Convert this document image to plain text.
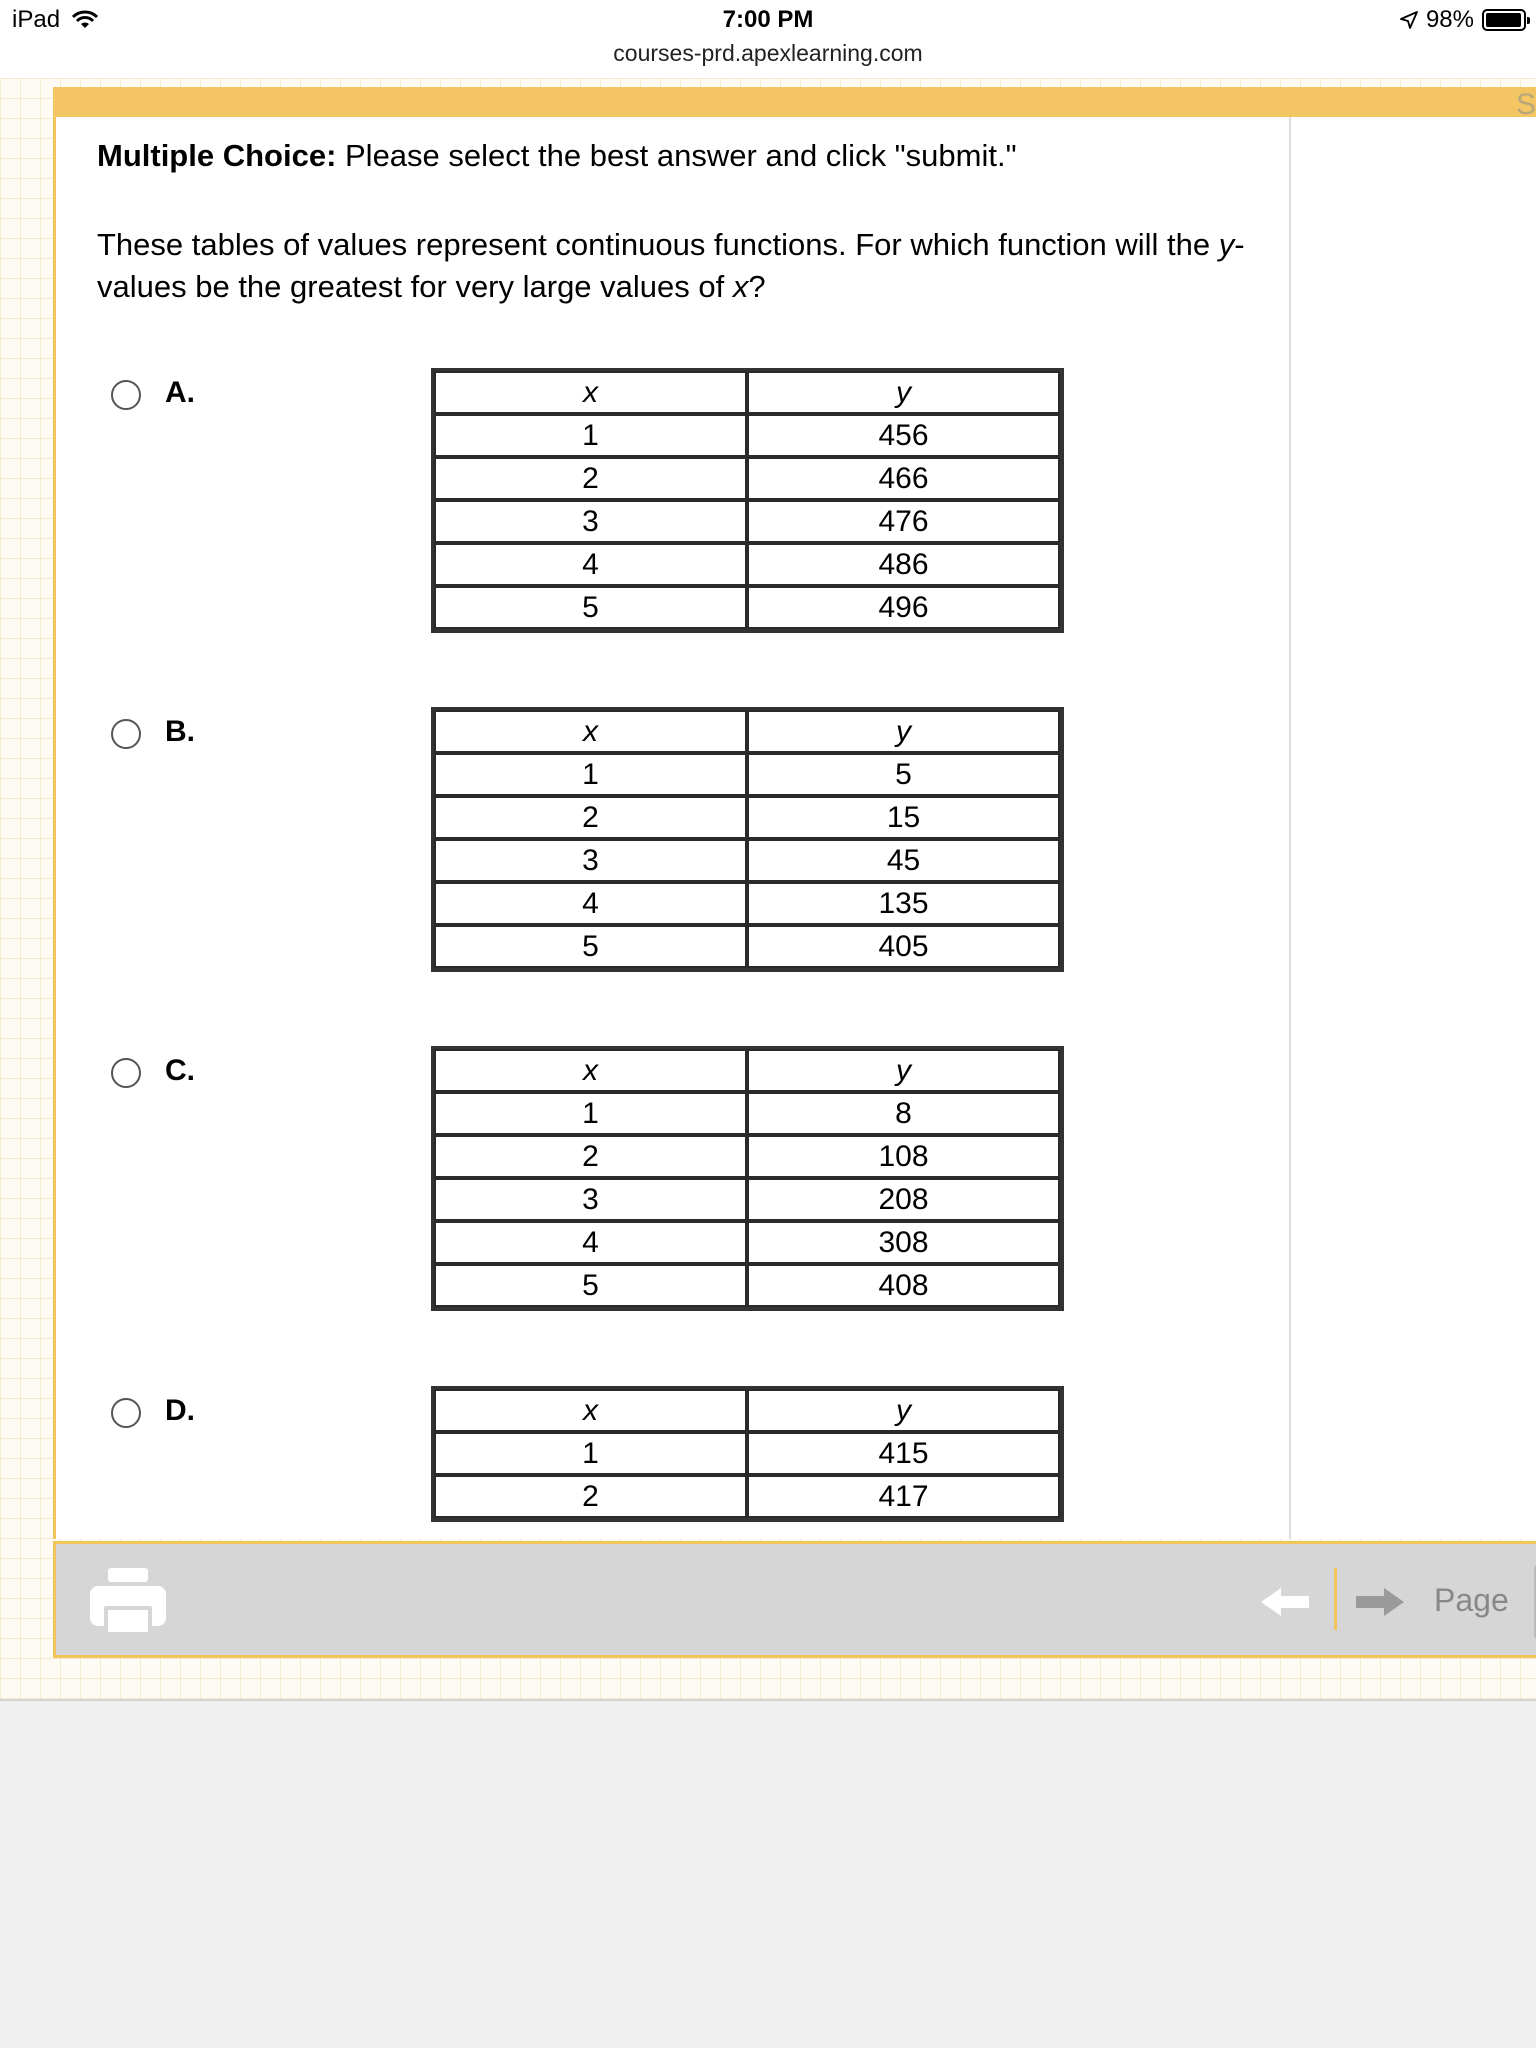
iPad	7:00 PM
courses-prd.apexlearning.com
98%
S

Multiple Choice: Please select the best answer and click "submit."

These tables of values represent continuous functions. For which function will the y-values be the greatest for very large values of x?

A.	x	y
1	456
2	466
3	476
4	486
5	496
B.	x	y
1	5
2	15
3	45
4	135
5	405
C.	x	y
1	8
2	108
3	208
4	308
5	408
D.	x	y
1	415
2	417
Page
